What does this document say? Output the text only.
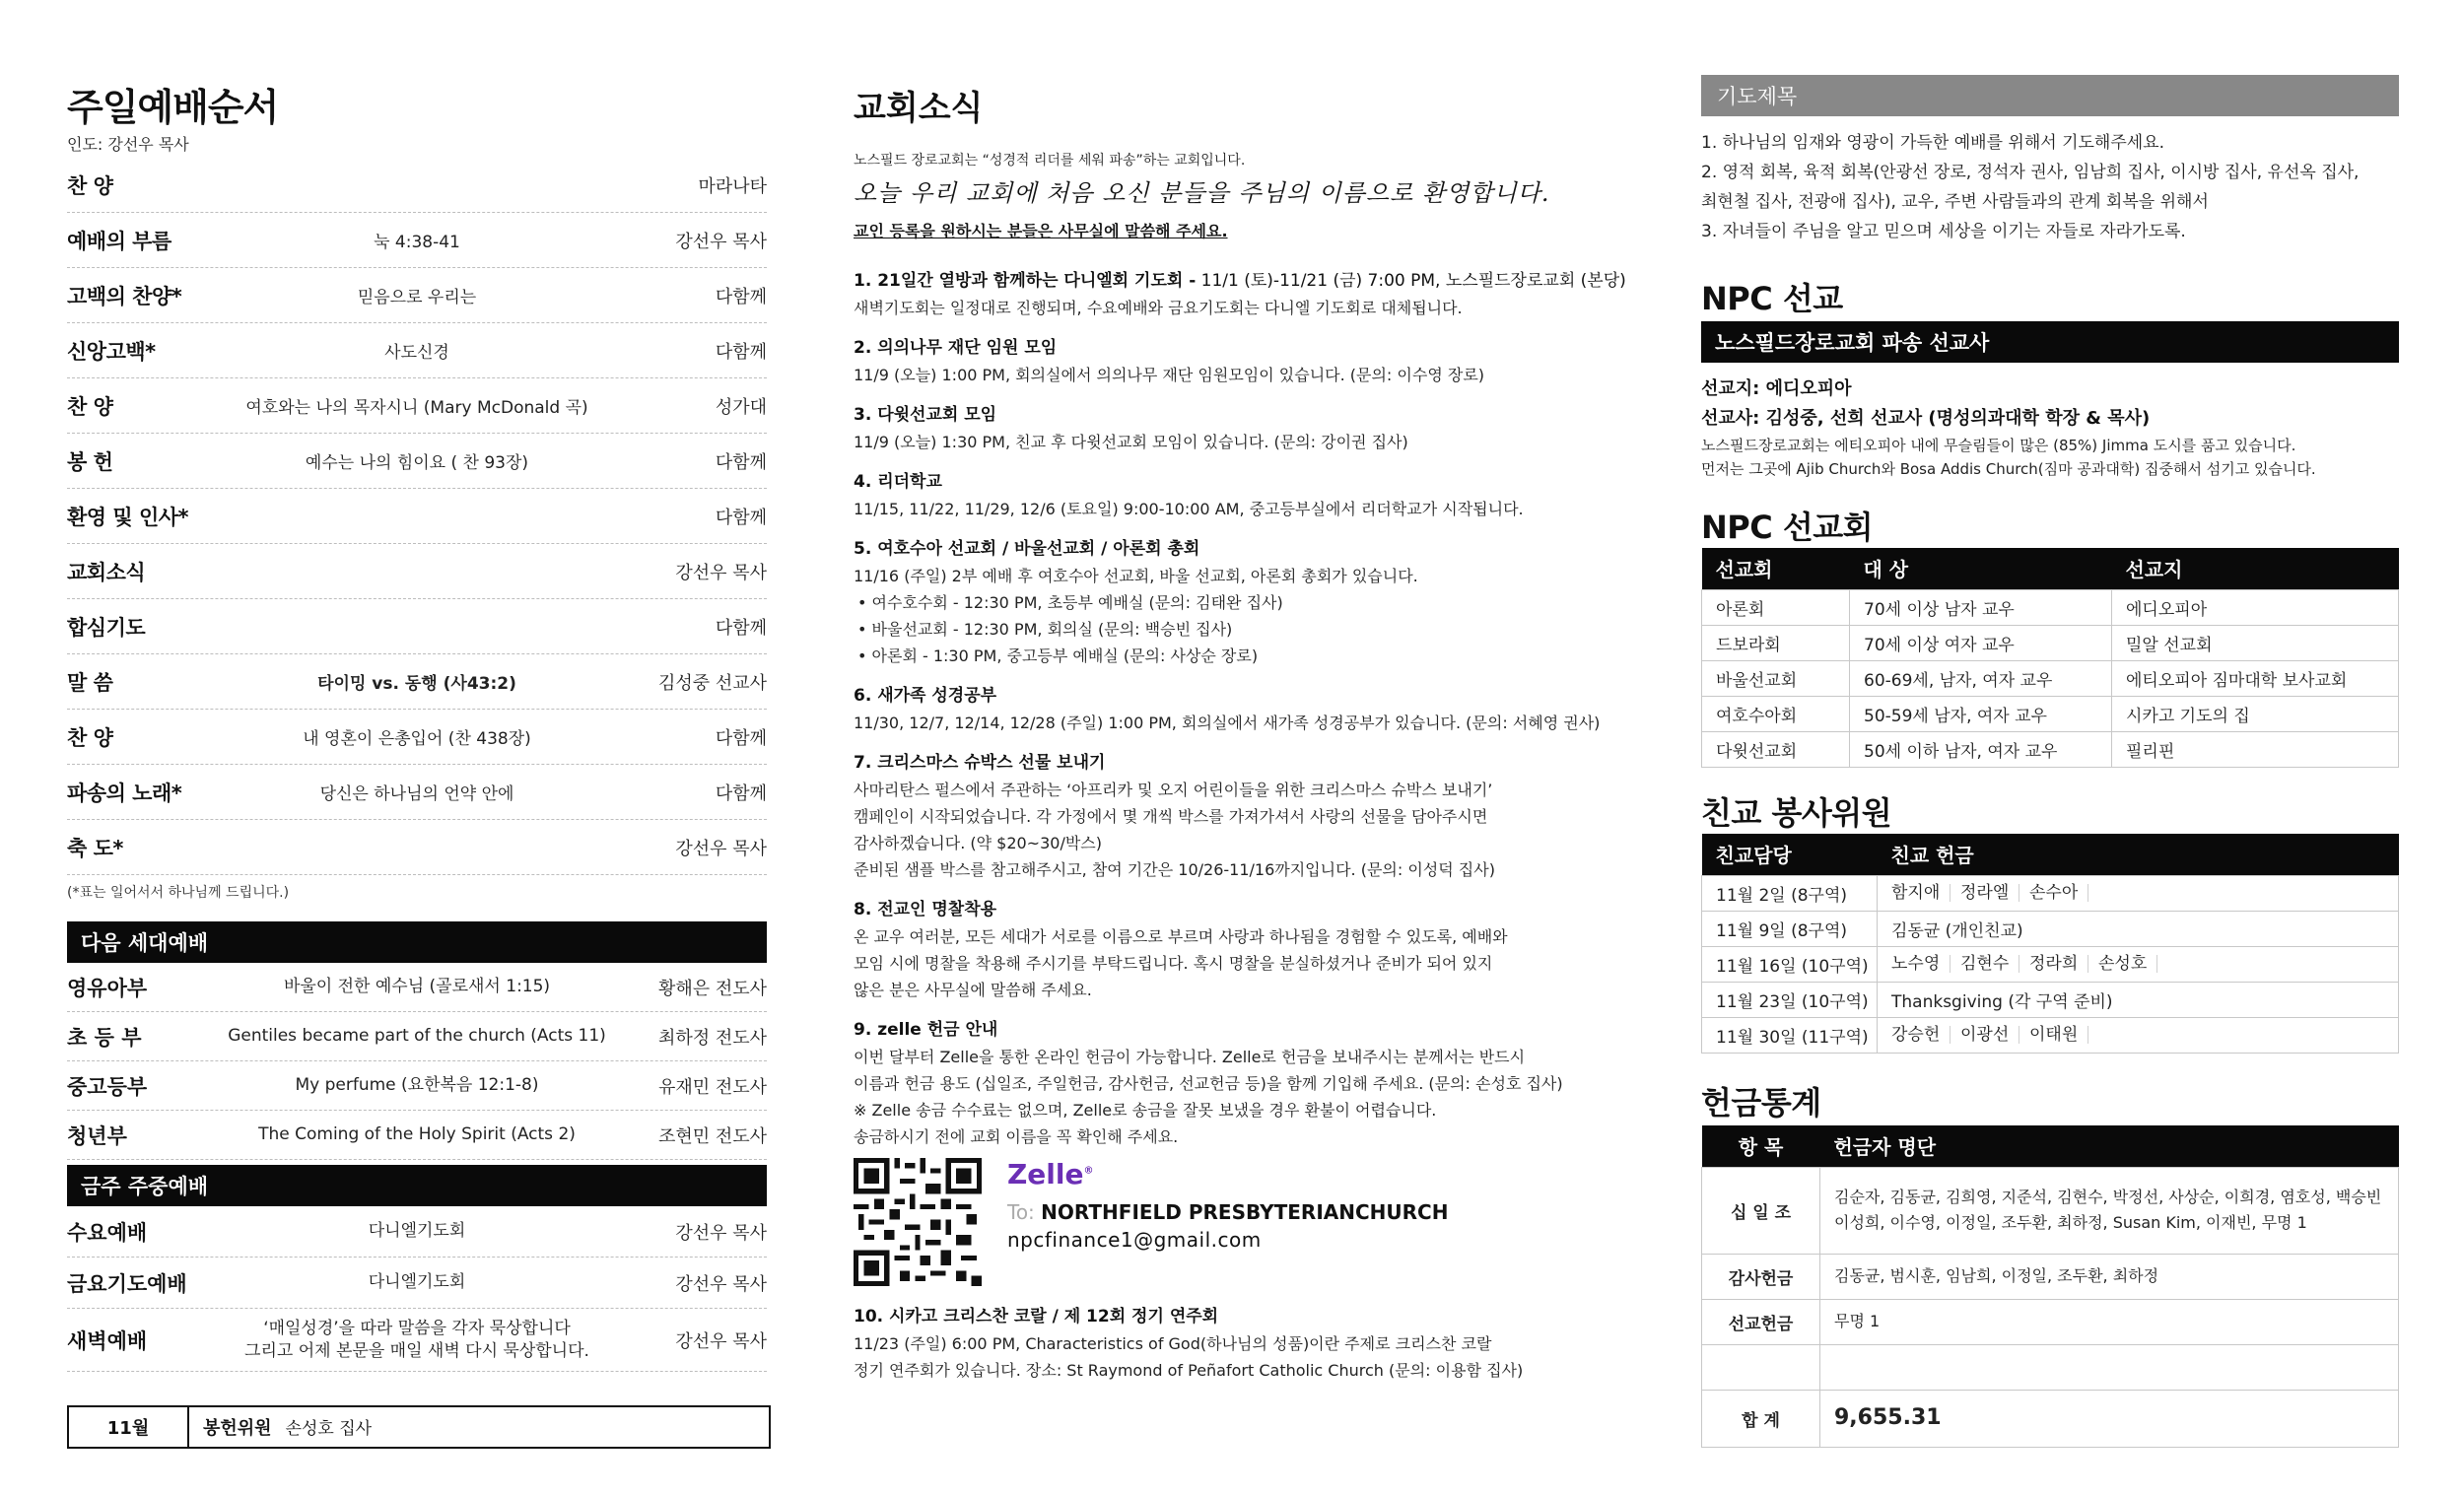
주일예배순서
인도: 강선우 목사
찬 양	마라나타
예배의 부름	눅 4:38-41	강선우 목사
고백의 찬양*	믿음으로 우리는	다함께
신앙고백*	사도신경	다함께
찬 양	여호와는 나의 목자시니 (Mary McDonald 곡)	성가대
봉 헌	예수는 나의 힘이요 ( 찬 93장)	다함께
환영 및 인사*	다함께
교회소식	강선우 목사
합심기도	다함께
말 씀	타이밍 vs. 동행 (사43:2)	김성중 선교사
찬 양	내 영혼이 은총입어 (찬 438장)	다함께
파송의 노래*	당신은 하나님의 언약 안에	다함께
축 도*	강선우 목사
(*표는 일어서서 하나님께 드립니다.)
다음 세대예배
영유아부	바울이 전한 예수님 (골로새서 1:15)	황해은 전도사
초 등 부	Gentiles became part of the church (Acts 11)	최하정 전도사
중고등부	My perfume (요한복음 12:1-8)	유재민 전도사
청년부	The Coming of the Holy Spirit (Acts 2)	조현민 전도사
금주 주중예배
수요예배	다니엘기도회	강선우 목사
금요기도예배	다니엘기도회	강선우 목사
새벽예배
‘매일성경’을 따라 말씀을 각자 묵상합니다
그리고 어제 본문을 매일 새벽 다시 묵상합니다.	강선우 목사
11월	봉헌위원 손성호 집사
교회소식
노스필드 장로교회는 “성경적 리더를 세워 파송”하는 교회입니다.
오늘 우리 교회에 처음 오신 분들을 주님의 이름으로 환영합니다.
교인 등록을 원하시는 분들은 사무실에 말씀해 주세요.
1. 21일간 열방과 함께하는 다니엘회 기도회 - 11/1 (토)-11/21 (금) 7:00 PM, 노스필드장로교회 (본당)
새벽기도회는 일정대로 진행되며, 수요예배와 금요기도회는 다니엘 기도회로 대체됩니다.
2. 의의나무 재단 임원 모임
11/9 (오늘) 1:00 PM, 회의실에서 의의나무 재단 임원모임이 있습니다. (문의: 이수영 장로)
3. 다윗선교회 모임
11/9 (오늘) 1:30 PM, 친교 후 다윗선교회 모임이 있습니다. (문의: 강이권 집사)
4. 리더학교
11/15, 11/22, 11/29, 12/6 (토요일) 9:00-10:00 AM, 중고등부실에서 리더학교가 시작됩니다.
5. 여호수아 선교회 / 바울선교회 / 아론회 총회
11/16 (주일) 2부 예배 후 여호수아 선교회, 바울 선교회, 아론회 총회가 있습니다.
• 여수호수회 - 12:30 PM, 초등부 예배실 (문의: 김태완 집사)
• 바울선교회 - 12:30 PM, 회의실 (문의: 백승빈 집사)
• 아론회 - 1:30 PM, 중고등부 예배실 (문의: 사상순 장로)
6. 새가족 성경공부
11/30, 12/7, 12/14, 12/28 (주일) 1:00 PM, 회의실에서 새가족 성경공부가 있습니다. (문의: 서혜영 권사)
7. 크리스마스 슈박스 선물 보내기
사마리탄스 펄스에서 주관하는 ‘아프리카 및 오지 어린이들을 위한 크리스마스 슈박스 보내기’
캠페인이 시작되었습니다. 각 가정에서 몇 개씩 박스를 가져가셔서 사랑의 선물을 담아주시면
감사하겠습니다. (약 $20~30/박스)
준비된 샘플 박스를 참고해주시고, 참여 기간은 10/26-11/16까지입니다. (문의: 이성덕 집사)
8. 전교인 명찰착용
온 교우 여러분, 모든 세대가 서로를 이름으로 부르며 사랑과 하나됨을 경험할 수 있도록, 예배와
모임 시에 명찰을 착용해 주시기를 부탁드립니다. 혹시 명찰을 분실하셨거나 준비가 되어 있지
않은 분은 사무실에 말씀해 주세요.
9. zelle 헌금 안내
이번 달부터 Zelle을 통한 온라인 헌금이 가능합니다. Zelle로 헌금을 보내주시는 분께서는 반드시
이름과 헌금 용도 (십일조, 주일헌금, 감사헌금, 선교헌금 등)을 함께 기입해 주세요. (문의: 손성호 집사)
※ Zelle 송금 수수료는 없으며, Zelle로 송금을 잘못 보냈을 경우 환불이 어렵습니다.
송금하시기 전에 교회 이름을 꼭 확인해 주세요.
Zelle®
To: NORTHFIELD PRESBYTERIANCHURCH
npcfinance1@gmail.com
10. 시카고 크리스찬 코랄 / 제 12회 정기 연주회
11/23 (주일) 6:00 PM, Characteristics of God(하나님의 성품)이란 주제로 크리스찬 코랄
정기 연주회가 있습니다. 장소: St Raymond of Peñafort Catholic Church (문의: 이용함 집사)
기도제목
1. 하나님의 임재와 영광이 가득한 예배를 위해서 기도해주세요.
2. 영적 회복, 육적 회복(안광선 장로, 정석자 권사, 임남희 집사, 이시방 집사, 유선옥 집사,
최현철 집사, 전광애 집사), 교우, 주변 사람들과의 관계 회복을 위해서
3. 자녀들이 주님을 알고 믿으며 세상을 이기는 자들로 자라가도록.
NPC 선교
노스필드장로교회 파송 선교사
선교지: 에디오피아
선교사: 김성중, 선희 선교사 (명성의과대학 학장 & 목사)
노스필드장로교회는 에티오피아 내에 무슬림들이 많은 (85%) Jimma 도시를 품고 있습니다.
먼저는 그곳에 Ajib Church와 Bosa Addis Church(짐마 공과대학) 집중해서 섬기고 있습니다.
NPC 선교회
선교회	대 상	선교지
아론회	70세 이상 남자 교우	에디오피아
드보라회	70세 이상 여자 교우	밀알 선교회
바울선교회	60-69세, 남자, 여자 교우	에티오피아 짐마대학 보사교회
여호수아회	50-59세 남자, 여자 교우	시카고 기도의 집
다윗선교회	50세 이하 남자, 여자 교우	필리핀
친교 봉사위원
친교담당	친교 헌금
11월 2일 (8구역)	함지애 정라엘 손수아

11월 9일 (8구역)	김동균 (개인친교)
11월 16일 (10구역)	노수영 김현수 정라희 손성호

11월 23일 (10구역)	Thanksgiving (각 구역 준비)
11월 30일 (11구역)	강승헌 이광선 이태원
헌금통계
항 목	헌금자 명단
십 일 조	김순자, 김동균, 김희영, 지준석, 김현수, 박정선, 사상순, 이희경, 염호성, 백승빈 이성희, 이수영, 이정일, 조두환, 최하정, Susan Kim, 이재빈, 무명 1
감사헌금	김동균, 범시훈, 임남희, 이정일, 조두환, 최하정
선교헌금	무명 1

합 계	9,655.31
